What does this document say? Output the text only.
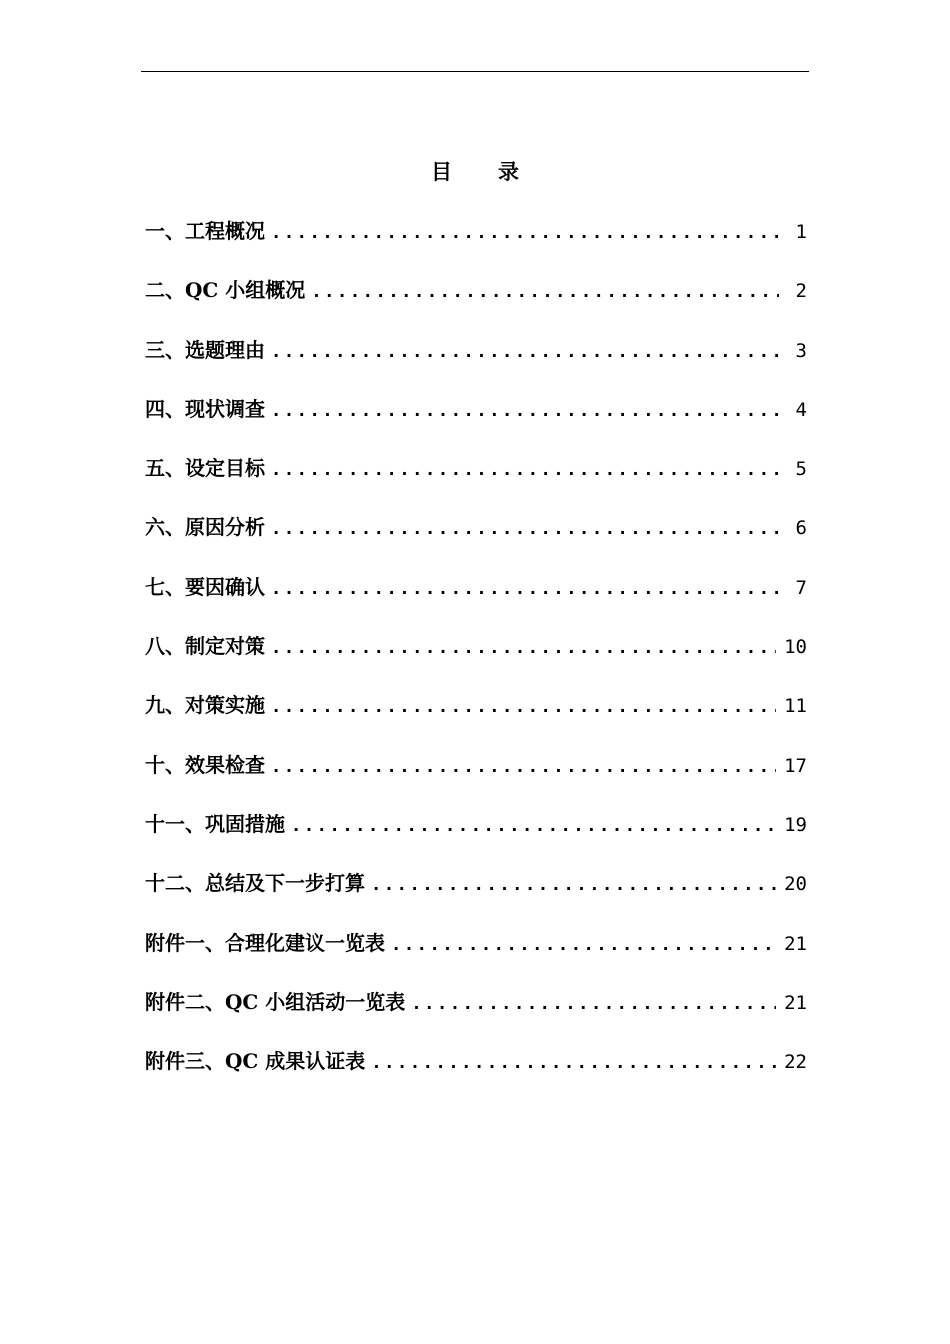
目 录
一、工程概况 .....	1
二、QC 小组概况 .....	2
三、选题理由 .....	3
四、现状调查 .....	4
五、设定目标 .....	5
六、原因分析 .....	6
七、要因确认 .....	7
八、制定对策 .....	10
九、对策实施 .....	11
十、效果检查 .....	17
十一、巩固措施 .....	19
十二、总结及下一步打算 .....	20
附件一、合理化建议一览表 .....	21
附件二、QC 小组活动一览表 .....	21
附件三、QC 成果认证表 .....	22
